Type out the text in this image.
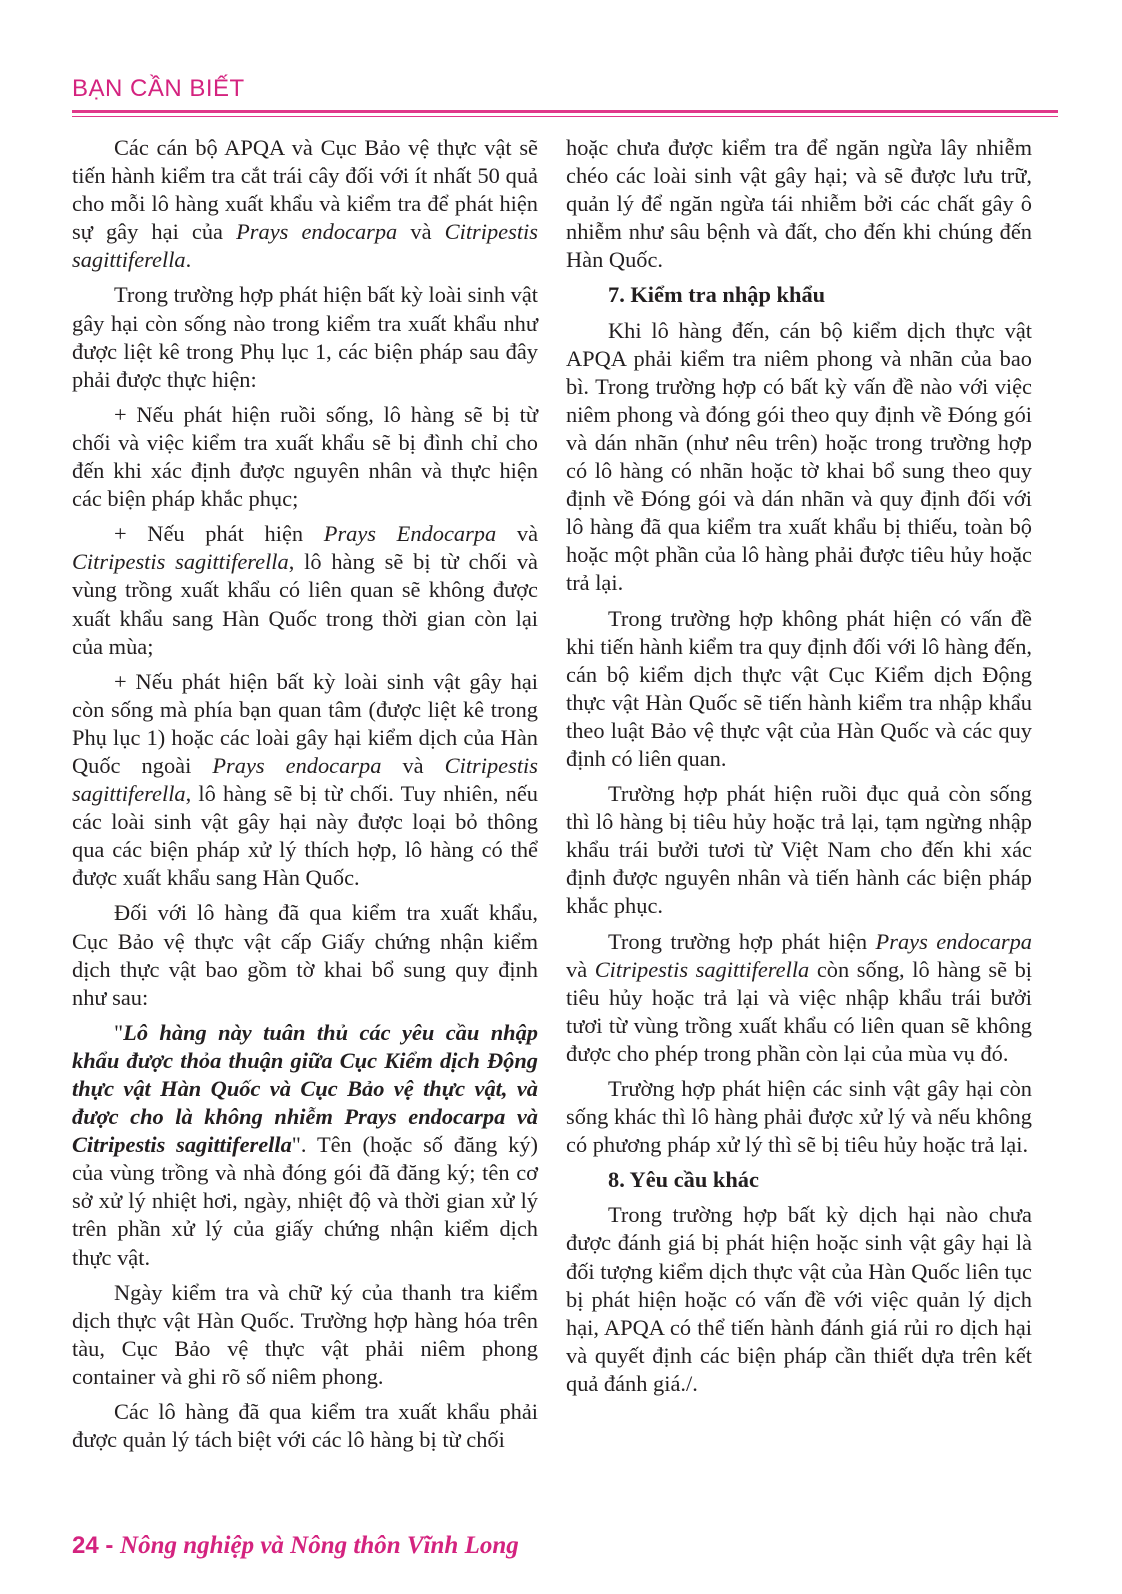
BẠN CẦN BIẾT

Các cán bộ APQA và Cục Bảo vệ thực vật sẽ tiến hành kiểm tra cắt trái cây đối với ít nhất 50 quả cho mỗi lô hàng xuất khẩu và kiểm tra để phát hiện sự gây hại của Prays endocarpa và Citripestis sagittiferella.

Trong trường hợp phát hiện bất kỳ loài sinh vật gây hại còn sống nào trong kiểm tra xuất khẩu như được liệt kê trong Phụ lục 1, các biện pháp sau đây phải được thực hiện:

+ Nếu phát hiện ruồi sống, lô hàng sẽ bị từ chối và việc kiểm tra xuất khẩu sẽ bị đình chỉ cho đến khi xác định được nguyên nhân và thực hiện các biện pháp khắc phục;

+ Nếu phát hiện Prays Endocarpa và Citripestis sagittiferella, lô hàng sẽ bị từ chối và vùng trồng xuất khẩu có liên quan sẽ không được xuất khẩu sang Hàn Quốc trong thời gian còn lại của mùa;

+ Nếu phát hiện bất kỳ loài sinh vật gây hại còn sống mà phía bạn quan tâm (được liệt kê trong Phụ lục 1) hoặc các loài gây hại kiểm dịch của Hàn Quốc ngoài Prays endocarpa và Citripestis sagittiferella, lô hàng sẽ bị từ chối. Tuy nhiên, nếu các loài sinh vật gây hại này được loại bỏ thông qua các biện pháp xử lý thích hợp, lô hàng có thể được xuất khẩu sang Hàn Quốc.

Đối với lô hàng đã qua kiểm tra xuất khẩu, Cục Bảo vệ thực vật cấp Giấy chứng nhận kiểm dịch thực vật bao gồm tờ khai bổ sung quy định như sau:

"Lô hàng này tuân thủ các yêu cầu nhập khẩu được thỏa thuận giữa Cục Kiểm dịch Động thực vật Hàn Quốc và Cục Bảo vệ thực vật, và được cho là không nhiễm Prays endocarpa và Citripestis sagittiferella". Tên (hoặc số đăng ký) của vùng trồng và nhà đóng gói đã đăng ký; tên cơ sở xử lý nhiệt hơi, ngày, nhiệt độ và thời gian xử lý trên phần xử lý của giấy chứng nhận kiểm dịch thực vật.

Ngày kiểm tra và chữ ký của thanh tra kiểm dịch thực vật Hàn Quốc. Trường hợp hàng hóa trên tàu, Cục Bảo vệ thực vật phải niêm phong container và ghi rõ số niêm phong.

Các lô hàng đã qua kiểm tra xuất khẩu phải được quản lý tách biệt với các lô hàng bị từ chối

hoặc chưa được kiểm tra để ngăn ngừa lây nhiễm chéo các loài sinh vật gây hại; và sẽ được lưu trữ, quản lý để ngăn ngừa tái nhiễm bởi các chất gây ô nhiễm như sâu bệnh và đất, cho đến khi chúng đến Hàn Quốc.

7. Kiểm tra nhập khẩu

Khi lô hàng đến, cán bộ kiểm dịch thực vật APQA phải kiểm tra niêm phong và nhãn của bao bì. Trong trường hợp có bất kỳ vấn đề nào với việc niêm phong và đóng gói theo quy định về Đóng gói và dán nhãn (như nêu trên) hoặc trong trường hợp có lô hàng có nhãn hoặc tờ khai bổ sung theo quy định về Đóng gói và dán nhãn và quy định đối với lô hàng đã qua kiểm tra xuất khẩu bị thiếu, toàn bộ hoặc một phần của lô hàng phải được tiêu hủy hoặc trả lại.

Trong trường hợp không phát hiện có vấn đề khi tiến hành kiểm tra quy định đối với lô hàng đến, cán bộ kiểm dịch thực vật Cục Kiểm dịch Động thực vật Hàn Quốc sẽ tiến hành kiểm tra nhập khẩu theo luật Bảo vệ thực vật của Hàn Quốc và các quy định có liên quan.

Trường hợp phát hiện ruồi đục quả còn sống thì lô hàng bị tiêu hủy hoặc trả lại, tạm ngừng nhập khẩu trái bưởi tươi từ Việt Nam cho đến khi xác định được nguyên nhân và tiến hành các biện pháp khắc phục.

Trong trường hợp phát hiện Prays endocarpa và Citripestis sagittiferella còn sống, lô hàng sẽ bị tiêu hủy hoặc trả lại và việc nhập khẩu trái bưởi tươi từ vùng trồng xuất khẩu có liên quan sẽ không được cho phép trong phần còn lại của mùa vụ đó.

Trường hợp phát hiện các sinh vật gây hại còn sống khác thì lô hàng phải được xử lý và nếu không có phương pháp xử lý thì sẽ bị tiêu hủy hoặc trả lại.

8. Yêu cầu khác

Trong trường hợp bất kỳ dịch hại nào chưa được đánh giá bị phát hiện hoặc sinh vật gây hại là đối tượng kiểm dịch thực vật của Hàn Quốc liên tục bị phát hiện hoặc có vấn đề với việc quản lý dịch hại, APQA có thể tiến hành đánh giá rủi ro dịch hại và quyết định các biện pháp cần thiết dựa trên kết quả đánh giá./.

24 - Nông nghiệp và Nông thôn Vĩnh Long
